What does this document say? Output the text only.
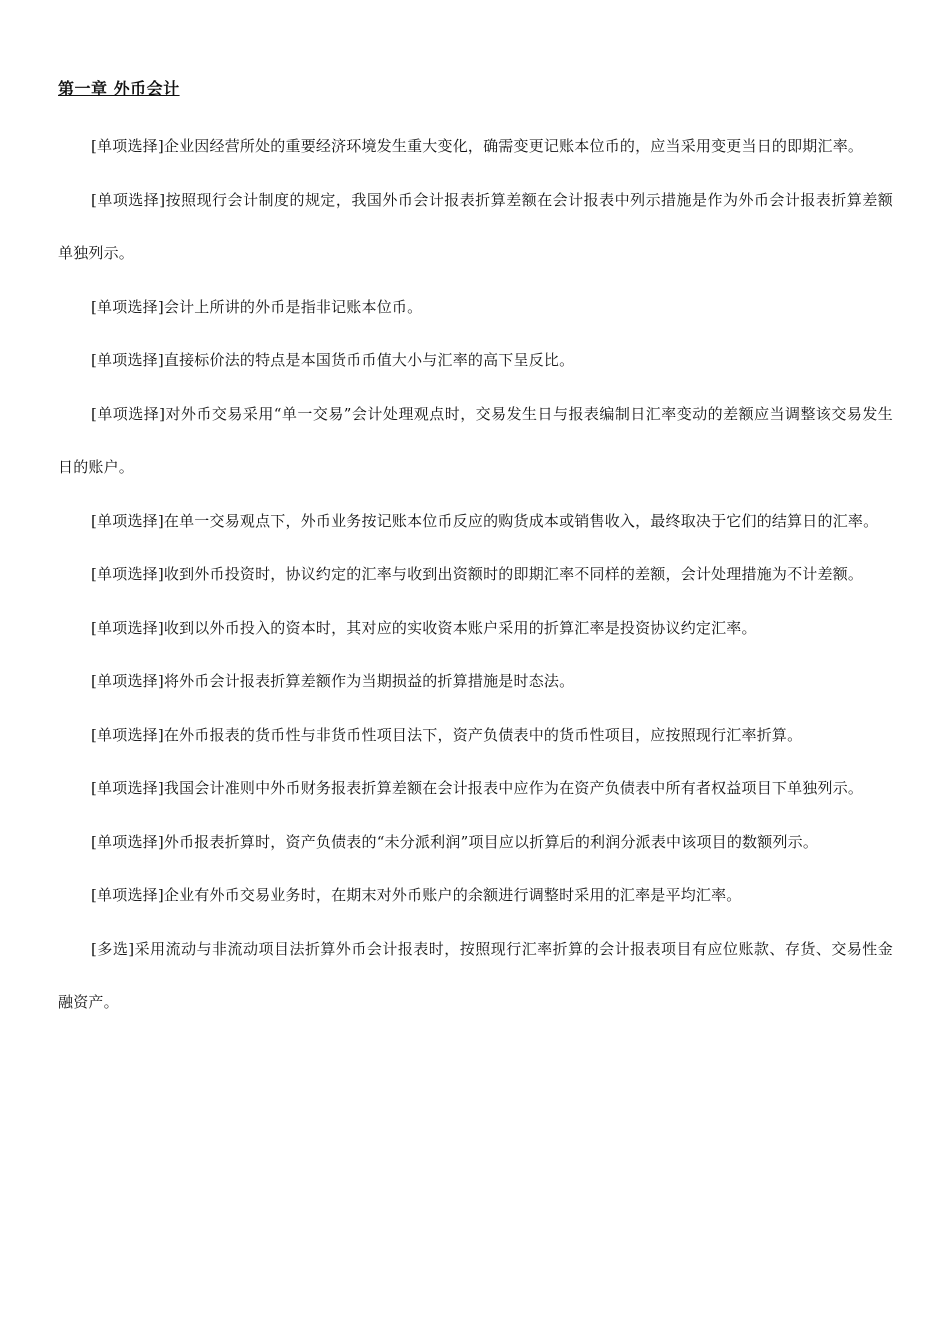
第一章 外币会计

[单项选择]企业因经营所处的重要经济环境发生重大变化，确需变更记账本位币的，应当采用变更当日的即期汇率。

[单项选择]按照现行会计制度的规定，我国外币会计报表折算差额在会计报表中列示措施是作为外币会计报表折算差额单独列示。

[单项选择]会计上所讲的外币是指非记账本位币。

[单项选择]直接标价法的特点是本国货币币值大小与汇率的高下呈反比。

[单项选择]对外币交易采用“单一交易”会计处理观点时，交易发生日与报表编制日汇率变动的差额应当调整该交易发生日的账户。

[单项选择]在单一交易观点下，外币业务按记账本位币反应的购货成本或销售收入，最终取决于它们的结算日的汇率。

[单项选择]收到外币投资时，协议约定的汇率与收到出资额时的即期汇率不同样的差额，会计处理措施为不计差额。

[单项选择]收到以外币投入的资本时，其对应的实收资本账户采用的折算汇率是投资协议约定汇率。

[单项选择]将外币会计报表折算差额作为当期损益的折算措施是时态法。

[单项选择]在外币报表的货币性与非货币性项目法下，资产负债表中的货币性项目，应按照现行汇率折算。

[单项选择]我国会计准则中外币财务报表折算差额在会计报表中应作为在资产负债表中所有者权益项目下单独列示。

[单项选择]外币报表折算时，资产负债表的“未分派利润”项目应以折算后的利润分派表中该项目的数额列示。

[单项选择]企业有外币交易业务时，在期末对外币账户的余额进行调整时采用的汇率是平均汇率。

[多选]采用流动与非流动项目法折算外币会计报表时，按照现行汇率折算的会计报表项目有应位账款、存货、交易性金融资产。
